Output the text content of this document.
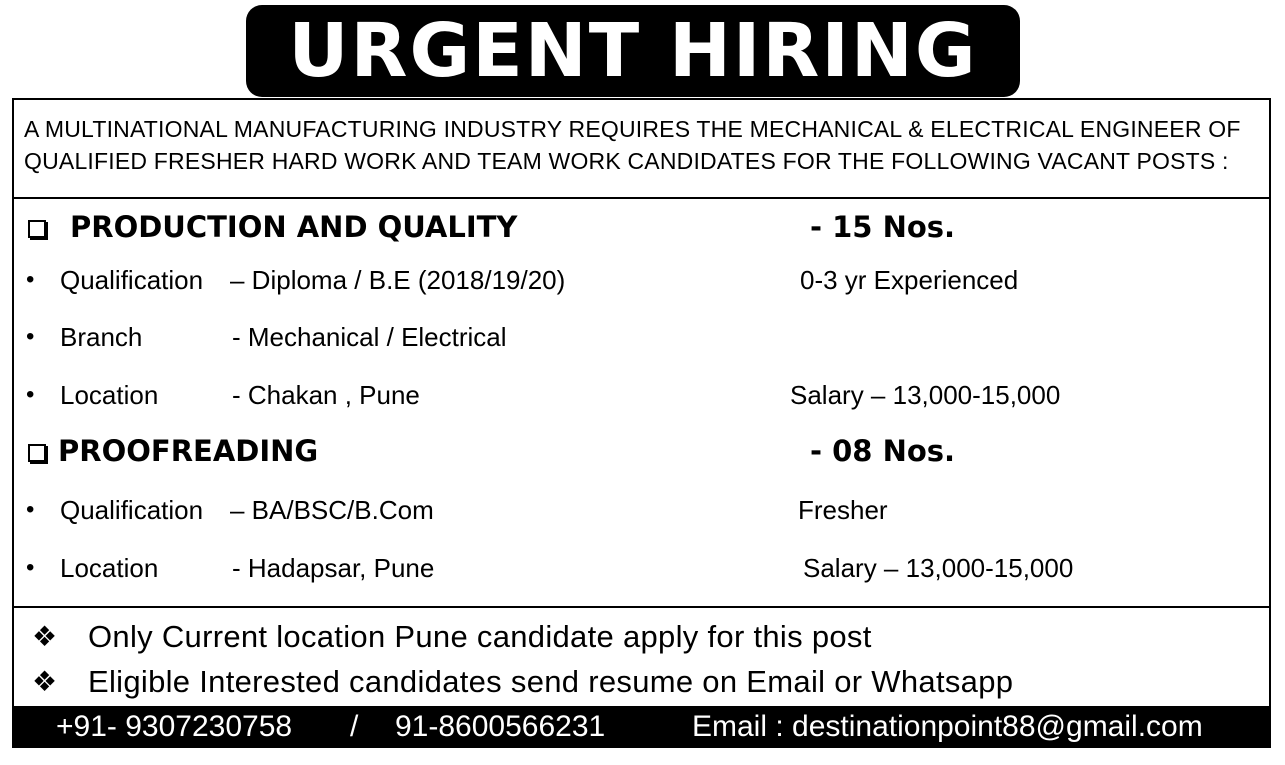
URGENT HIRING
A MULTINATIONAL MANUFACTURING INDUSTRY REQUIRES THE MECHANICAL & ELECTRICAL ENGINEER OF QUALIFIED FRESHER HARD WORK AND TEAM WORK CANDIDATES FOR THE FOLLOWING VACANT POSTS :
PRODUCTION AND QUALITY	- 15 Nos.
• Qualification – Diploma / B.E (2018/19/20)	0-3 yr Experienced
• Branch	- Mechanical / Electrical
• Location	- Chakan , Pune	Salary – 13,000-15,000
PROOFREADING	- 08 Nos.
• Qualification – BA/BSC/B.Com	Fresher
• Location	- Hadapsar, Pune	Salary – 13,000-15,000
❖ Only Current location Pune candidate apply for this post
❖ Eligible Interested candidates send resume on Email or Whatsapp
+91- 9307230758 / 91-8600566231	Email : destinationpoint88@gmail.com
